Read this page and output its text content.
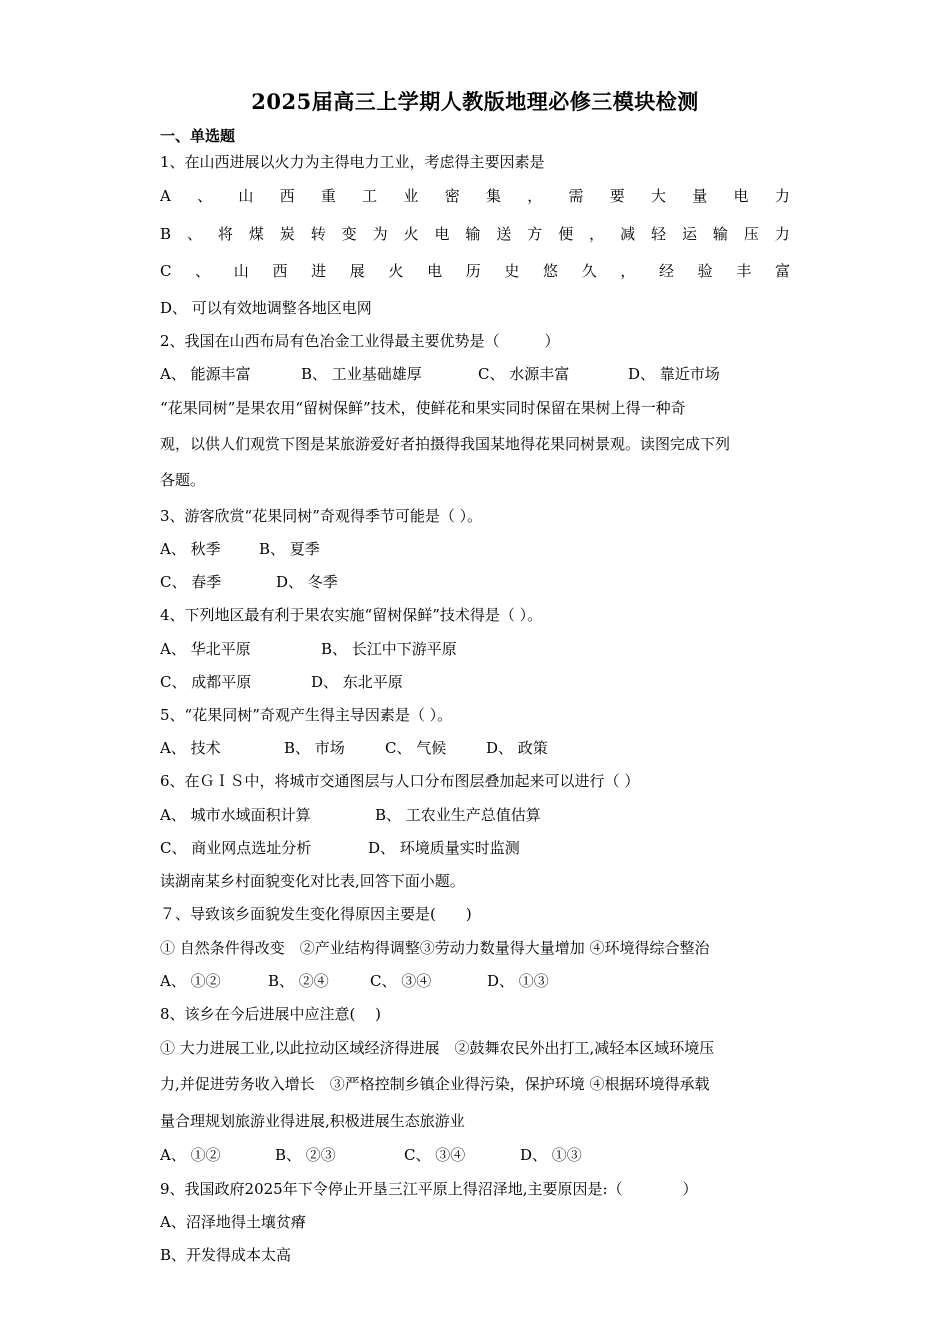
2025届高三上学期人教版地理必修三模块检测
一、单选题
1、在山西进展以火力为主得电力工业，考虑得主要因素是
A 、 山 西 重 工 业 密 集 ， 需 要 大 量 电 力
B 、 将 煤 炭 转 变 为 火 电 输 送 方 便 ， 减 轻 运 输 压 力
C 、 山 西 进 展 火 电 历 史 悠 久 ， 经 验 丰 富
D、 可以有效地调整各地区电网
2、我国在山西布局有色冶金工业得最主要优势是（　　　）
A、 能源丰富	B、 工业基础雄厚	C、 水源丰富	D、 靠近市场
“花果同树”是果农用“留树保鲜”技术，使鲜花和果实同时保留在果树上得一种奇
观，以供人们观赏下图是某旅游爱好者拍摄得我国某地得花果同树景观。读图完成下列
各题。
3、游客欣赏“花果同树”奇观得季节可能是（ ）。
A、 秋季	B、 夏季
C、 春季	D、 冬季
4、下列地区最有利于果农实施“留树保鲜”技术得是（ ）。
A、 华北平原	B、 长江中下游平原
C、 成都平原	D、 东北平原
5、“花果同树”奇观产生得主导因素是（ ）。
A、 技术	B、 市场	C、 气候	D、 政策
6、在ＧＩＳ中，将城市交通图层与人口分布图层叠加起来可以进行（ ）
A、 城市水域面积计算	B、 工农业生产总值估算
C、 商业网点选址分析	D、 环境质量实时监测
读湖南某乡村面貌变化对比表,回答下面小题。
７、导致该乡面貌发生变化得原因主要是(　　)
① 自然条件得改变　②产业结构得调整③劳动力数量得大量增加 ④环境得综合整治
A、 ①②	B、 ②④	C、 ③④	D、 ①③
8、该乡在今后进展中应注意(　 )
① 大力进展工业,以此拉动区域经济得进展　②鼓舞农民外出打工,减轻本区域环境压
力,并促进劳务收入增长　③严格控制乡镇企业得污染，保护环境 ④根据环境得承载
量合理规划旅游业得进展,积极进展生态旅游业
A、 ①②	B、 ②③	C、 ③④	D、 ①③
9、我国政府2025年下令停止开垦三江平原上得沼泽地,主要原因是:（　　　　）
A、沼泽地得土壤贫瘠
B、开发得成本太高
